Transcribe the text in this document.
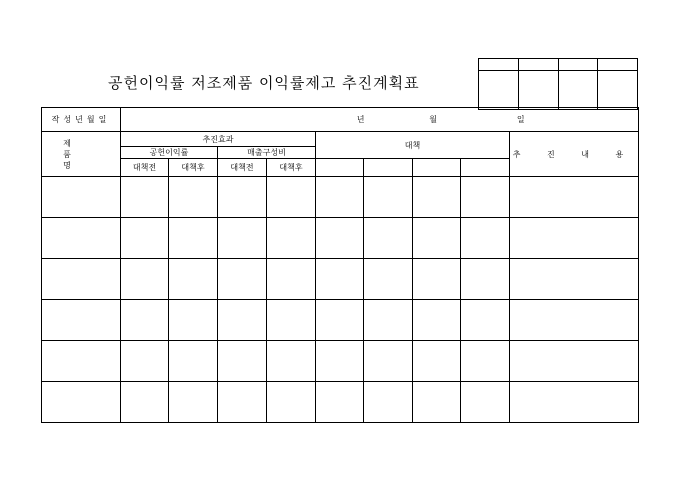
공헌이익률 저조제품 이익률제고 추진계획표

작성년월일	년 월 일								
제 품 명	추진효과				대책				추 진 내 용
	공헌이익률		매출구성비						
	대책전	대책후	대책전	대책후					
